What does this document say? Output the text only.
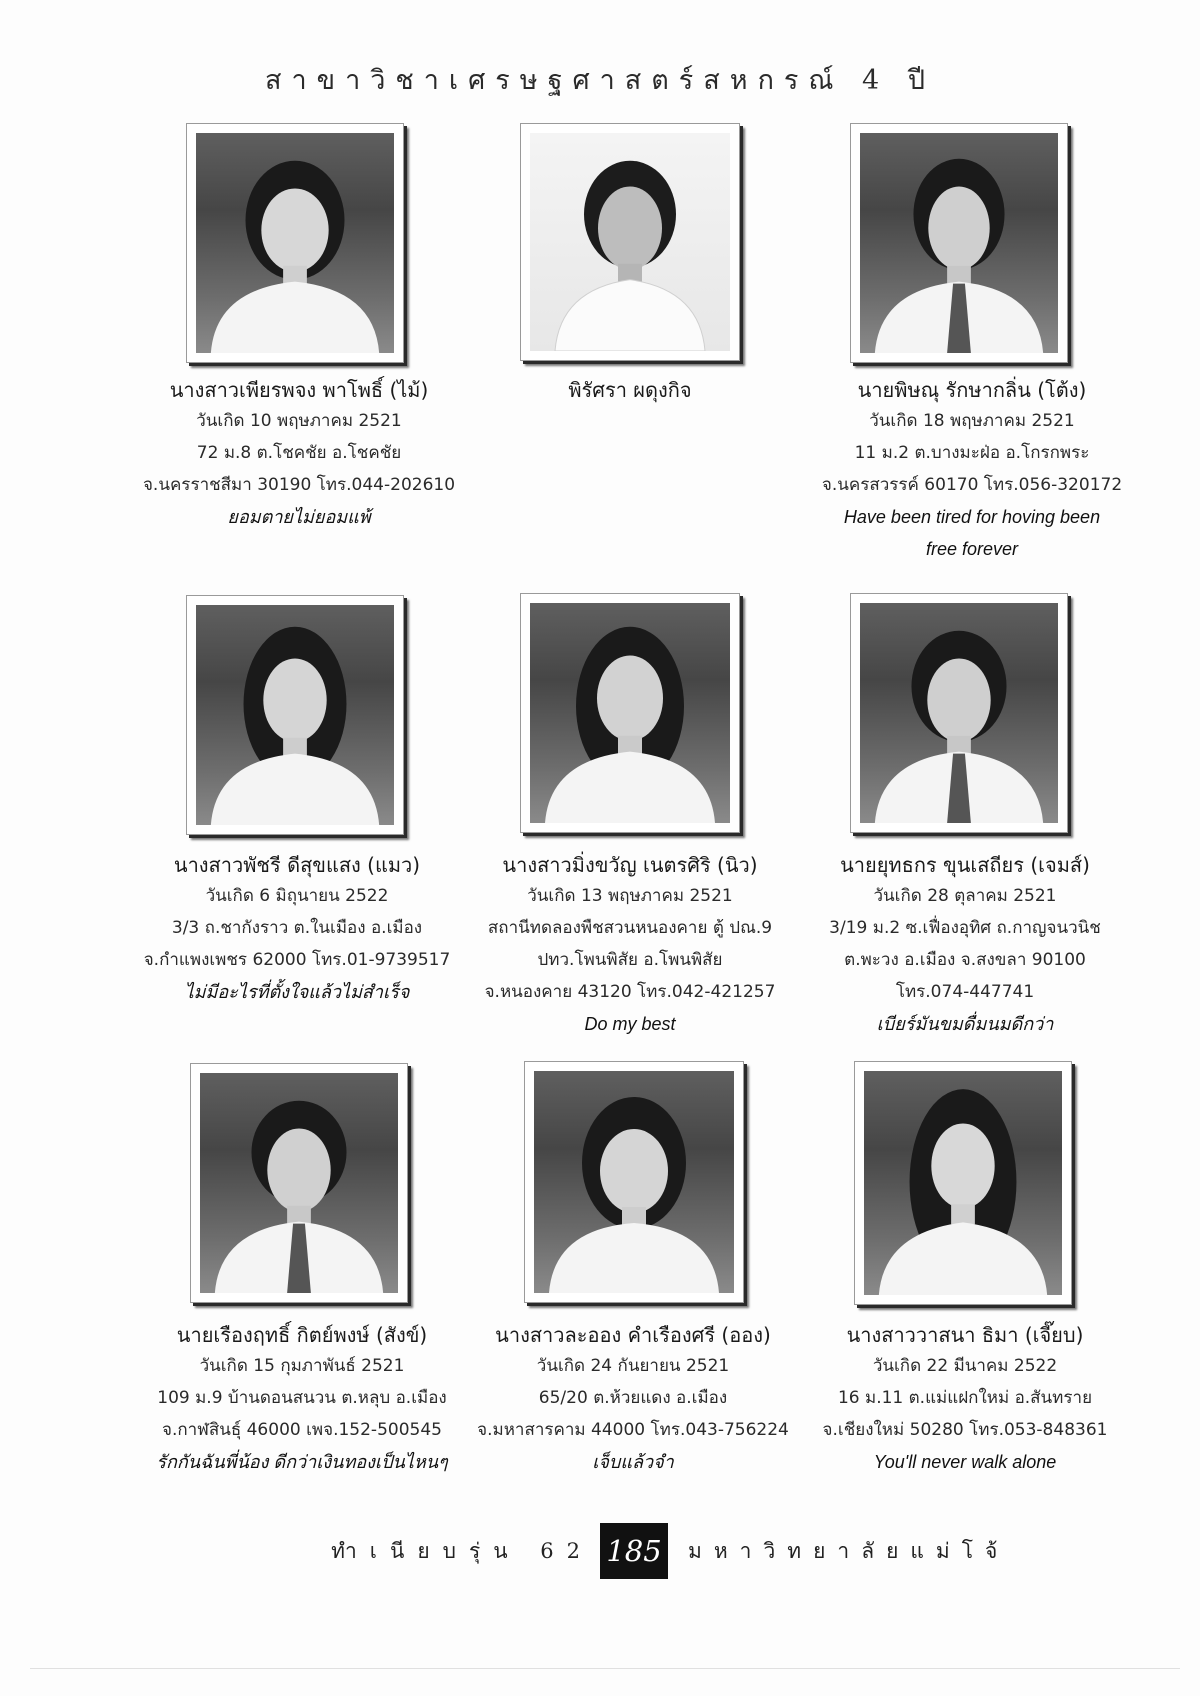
สาขาวิชาเศรษฐศาสตร์สหกรณ์ 4 ปี

นางสาวเพียรพจง พาโพธิ์ (ไม้)

วันเกิด 10 พฤษภาคม 2521

72 ม.8 ต.โชคชัย อ.โชคชัย

จ.นครราชสีมา 30190 โทร.044-202610

ยอมตายไม่ยอมแพ้

พิรัศรา ผดุงกิจ	นายพิษณุ รักษากลิ่น (โต้ง)

วันเกิด 18 พฤษภาคม 2521

11 ม.2 ต.บางมะฝ่อ อ.โกรกพระ

จ.นครสวรรค์ 60170 โทร.056-320172

Have been tired for hoving been

free forever

นางสาวพัชรี ดีสุขแสง (แมว)

วันเกิด 6 มิถุนายน 2522

3/3 ถ.ชากังราว ต.ในเมือง อ.เมือง

จ.กำแพงเพชร 62000 โทร.01-9739517

ไม่มีอะไรที่ตั้งใจแล้วไม่สำเร็จ

นางสาวมิ่งขวัญ เนตรศิริ (นิว)

วันเกิด 13 พฤษภาคม 2521

สถานีทดลองพืชสวนหนองคาย ตู้ ปณ.9

ปทว.โพนพิสัย อ.โพนพิสัย

จ.หนองคาย 43120 โทร.042-421257

Do my best

นายยุทธกร ขุนเสถียร (เจมส์)

วันเกิด 28 ตุลาคม 2521

3/19 ม.2 ซ.เฟื่องอุทิศ ถ.กาญจนวนิช

ต.พะวง อ.เมือง จ.สงขลา 90100

โทร.074-447741

เบียร์มันขมดื่มนมดีกว่า

นายเรืองฤทธิ์ กิตย์พงษ์ (สังข์)

วันเกิด 15 กุมภาพันธ์ 2521

109 ม.9 บ้านดอนสนวน ต.หลุบ อ.เมือง

จ.กาฬสินธุ์ 46000 เพจ.152-500545

รักกันฉันพี่น้อง ดีกว่าเงินทองเป็นไหนๆ

นางสาวละออง คำเรืองศรี (ออง)

วันเกิด 24 กันยายน 2521

65/20 ต.ห้วยแดง อ.เมือง

จ.มหาสารคาม 44000 โทร.043-756224

เจ็บแล้วจำ

นางสาววาสนา ธิมา (เจี๊ยบ)

วันเกิด 22 มีนาคม 2522

16 ม.11 ต.แม่แฝกใหม่ อ.สันทราย

จ.เชียงใหม่ 50280 โทร.053-848361

You'll never walk alone

ทำเนียบรุ่น 62 185	มหาวิทยาลัยแม่โจ้
